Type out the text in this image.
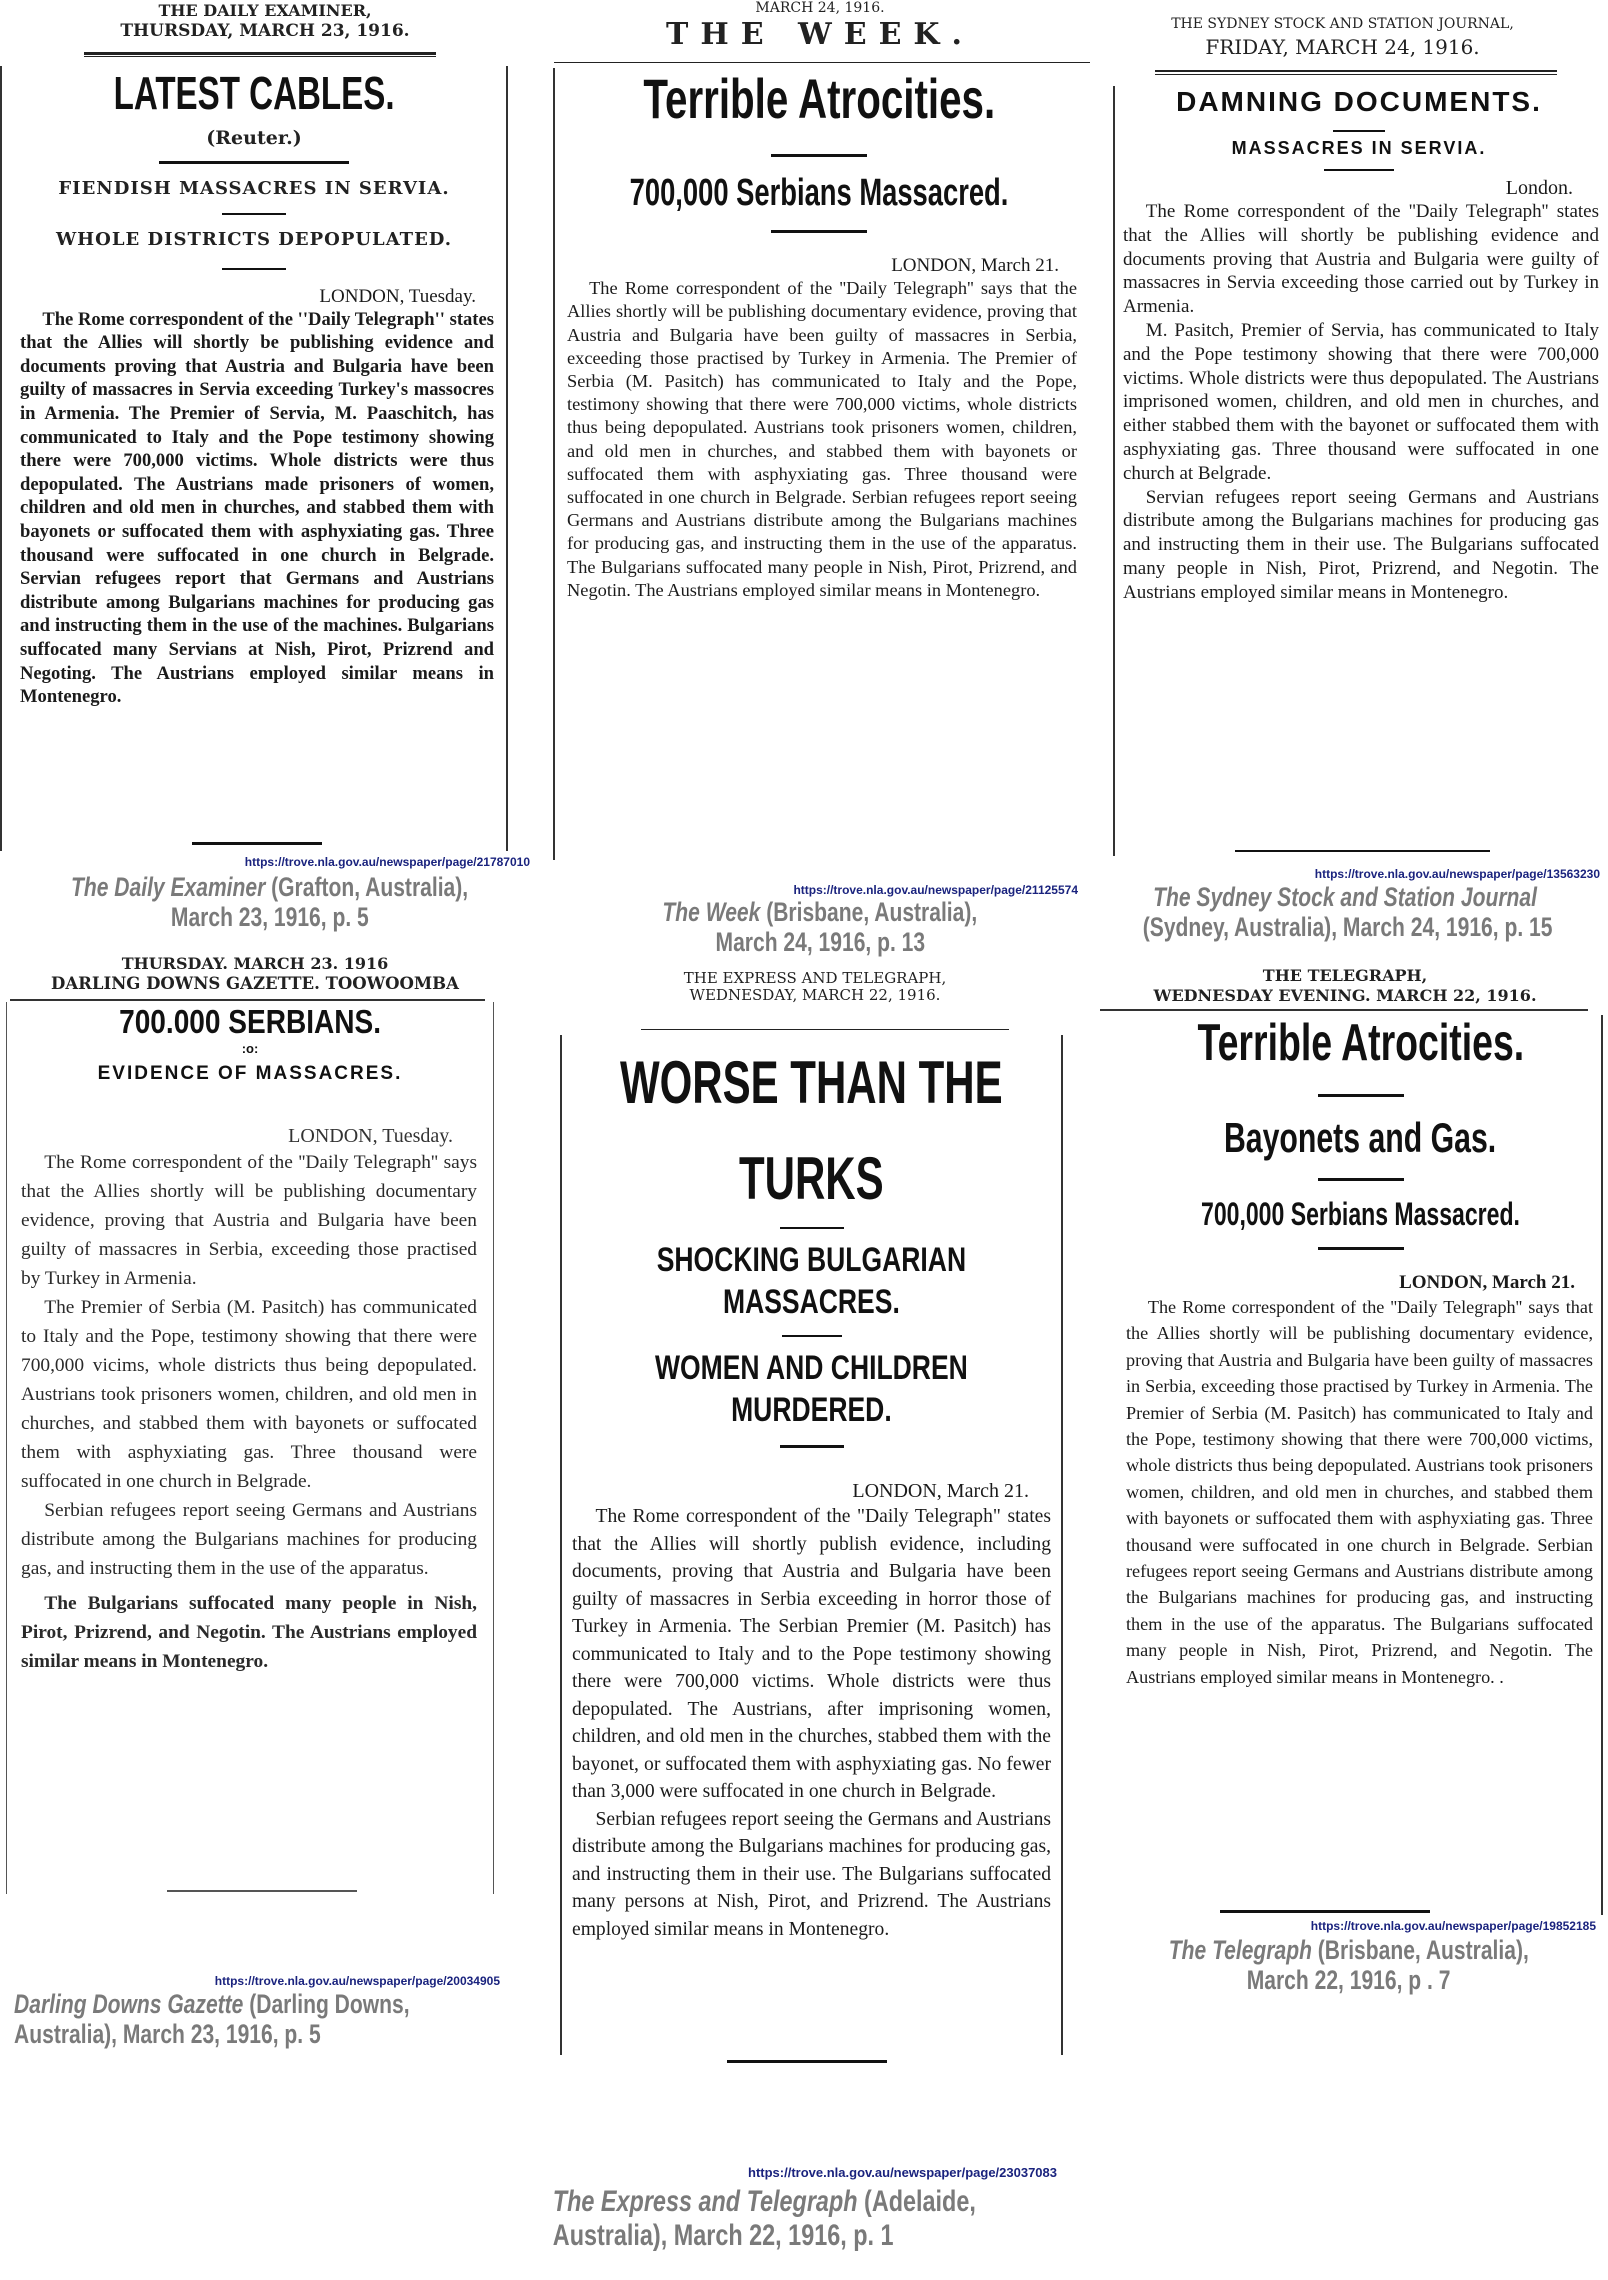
THE DAILY EXAMINER,
THURSDAY, MARCH 23, 1916.
LATEST CABLES.
(Reuter.)
FIENDISH MASSACRES IN SERVIA.
WHOLE DISTRICTS DEPOPULATED.
LONDON, Tuesday.

The Rome correspondent of the ''Daily Telegraph'' states that the Allies will shortly be publishing evidence and documents proving that Austria and Bulgaria have been guilty of massacres in Servia exceeding Turkey's massocres in Armenia. The Premier of Servia, M. Paaschitch, has communicated to Italy and the Pope testimony showing there were 700,000 victims. Whole districts were thus depopulated. The Austrians made prisoners of women, children and old men in churches, and stabbed them with bayonets or suffocated them with asphyxiating gas. Three thousand were suffocated in one church in Belgrade. Servian refugees report that Germans and Austrians distribute among Bulgarians machines for producing gas and instructing them in the use of the machines. Bulgarians suffocated many Servians at Nish, Pirot, Prizrend and Negoting. The Austrians employed similar means in Montenegro.

https://trove.nla.gov.au/newspaper/page/21787010
The Daily Examiner (Grafton, Australia),
March 23, 1916, p. 5
MARCH 24, 1916.
THE WEEK.
Terrible Atrocities.
700,000 Serbians Massacred.
LONDON, March 21.

The Rome correspondent of the ''Daily Telegraph'' says that the Allies shortly will be publishing documentary evidence, proving that Austria and Bulgaria have been guilty of massacres in Serbia, exceeding those practised by Turkey in Armenia. The Premier of Serbia (M. Pasitch) has communicated to Italy and the Pope, testimony showing that there were 700,000 victims, whole districts thus being depopulated. Austrians took prisoners women, children, and old men in churches, and stabbed them with bayonets or suffocated them with asphyxiating gas. Three thousand were suffocated in one church in Belgrade. Serbian refugees report seeing Germans and Austrians distribute among the Bulgarians machines for producing gas, and instructing them in the use of the apparatus. The Bulgarians suffocated many people in Nish, Pirot, Prizrend, and Negotin. The Austrians employed similar means in Montenegro.

https://trove.nla.gov.au/newspaper/page/21125574
The Week (Brisbane, Australia),
March 24, 1916, p. 13
THE SYDNEY STOCK AND STATION JOURNAL,
FRIDAY, MARCH 24, 1916.
DAMNING DOCUMENTS.
MASSACRES IN SERVIA.
London.

The Rome correspondent of the ''Daily Telegraph'' states that the Allies will shortly be publishing evidence and documents proving that Austria and Bulgaria were guilty of massacres in Servia exceeding those carried out by Turkey in Armenia.

M. Pasitch, Premier of Servia, has communicated to Italy and the Pope testimony showing that there were 700,000 victims. Whole districts were thus depopulated. The Austrians imprisoned women, children, and old men in churches, and either stabbed them with the bayonet or suffocated them with asphyxiating gas. Three thousand were suffocated in one church at Belgrade.

Servian refugees report seeing Germans and Austrians distribute among the Bulgarians machines for producing gas and instructing them in their use. The Bulgarians suffocated many people in Nish, Pirot, Prizrend, and Negotin. The Austrians employed similar means in Montenegro.

https://trove.nla.gov.au/newspaper/page/13563230
The Sydney Stock and Station Journal
(Sydney, Australia), March 24, 1916, p. 15
THURSDAY. MARCH 23. 1916
DARLING DOWNS GAZETTE. TOOWOOMBA
700.000 SERBIANS.
:o:
EVIDENCE OF MASSACRES.
LONDON, Tuesday.

The Rome correspondent of the ''Daily Telegraph'' says that the Allies shortly will be publishing documentary evidence, proving that Austria and Bulgaria have been guilty of massacres in Serbia, exceeding those practised by Turkey in Armenia.

The Premier of Serbia (M. Pasitch) has communicated to Italy and the Pope, testimony showing that there were 700,000 vicims, whole districts thus being depopulated. Austrians took prisoners women, children, and old men in churches, and stabbed them with bayonets or suffocated them with asphyxiating gas. Three thousand were suffocated in one church in Belgrade.

Serbian refugees report seeing Germans and Austrians distribute among the Bulgarians machines for producing gas, and instructing them in the use of the apparatus.

The Bulgarians suffocated many people in Nish, Pirot, Prizrend, and Negotin. The Austrians employed similar means in Montenegro.

https://trove.nla.gov.au/newspaper/page/20034905
Darling Downs Gazette (Darling Downs,
Australia), March 23, 1916, p. 5
THE EXPRESS AND TELEGRAPH,
WEDNESDAY, MARCH 22, 1916.
WORSE THAN THE TURKS
SHOCKING BULGARIAN MASSACRES.
WOMEN AND CHILDREN MURDERED.
LONDON, March 21.

The Rome correspondent of the "Daily Telegraph" states that the Allies will shortly publish evidence, including documents, proving that Austria and Bulgaria have been guilty of massacres in Serbia exceeding in horror those of Turkey in Armenia. The Serbian Premier (M. Pasitch) has communicated to Italy and to the Pope testimony showing there were 700,000 victims. Whole districts were thus depopulated. The Austrians, after imprisoning women, children, and old men in the churches, stabbed them with the bayonet, or suffocated them with asphyxiating gas. No fewer than 3,000 were suffocated in one church in Belgrade.

Serbian refugees report seeing the Germans and Austrians distribute among the Bulgarians machines for producing gas, and instructing them in their use. The Bulgarians suffocated many persons at Nish, Pirot, and Prizrend. The Austrians employed similar means in Montenegro.

https://trove.nla.gov.au/newspaper/page/23037083
The Express and Telegraph (Adelaide,
Australia), March 22, 1916, p. 1
THE TELEGRAPH,
WEDNESDAY EVENING. MARCH 22, 1916.
Terrible Atrocities.
Bayonets and Gas.
700,000 Serbians Massacred.
LONDON, March 21.

The Rome correspondent of the ''Daily Telegraph'' says that the Allies shortly will be publishing documentary evidence, proving that Austria and Bulgaria have been guilty of massacres in Serbia, exceeding those practised by Turkey in Armenia. The Premier of Serbia (M. Pasitch) has communicated to Italy and the Pope, testimony showing that there were 700,000 victims, whole districts thus being depopulated. Austrians took prisoners women, children, and old men in churches, and stabbed them with bayonets or suffocated them with asphyxiating gas. Three thousand were suffocated in one church in Belgrade. Serbian refugees report seeing Germans and Austrians distribute among the Bulgarians machines for producing gas, and instructing them in the use of the apparatus. The Bulgarians suffocated many people in Nish, Pirot, Prizrend, and Negotin. The Austrians employed similar means in Montenegro. .

https://trove.nla.gov.au/newspaper/page/19852185
The Telegraph (Brisbane, Australia),
March 22, 1916, p . 7
